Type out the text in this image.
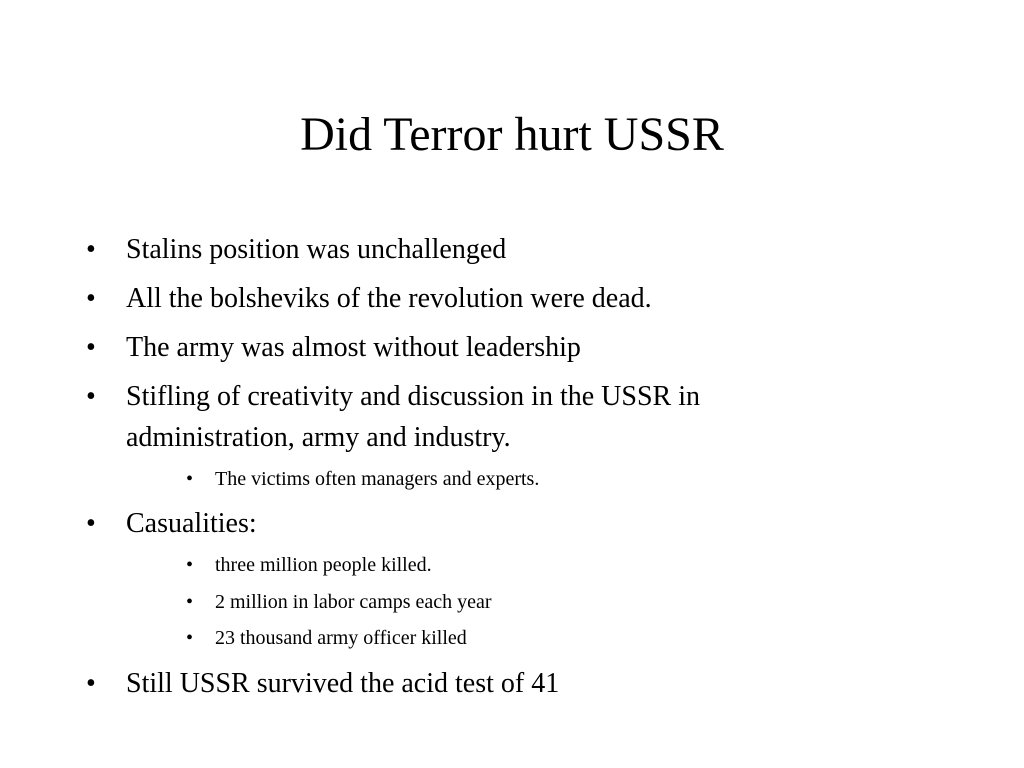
Did Terror hurt USSR
•	Stalins position was unchallenged
•	All the bolsheviks of the revolution were dead.
•	The army was almost without leadership
•	Stifling of creativity and discussion in the USSR in administration, army and industry.
•	The victims often managers and experts.
•	Casualities:
•	three million people killed.
•	2 million in labor camps each year
•	23 thousand army officer killed
•	Still USSR survived the acid test of 41
